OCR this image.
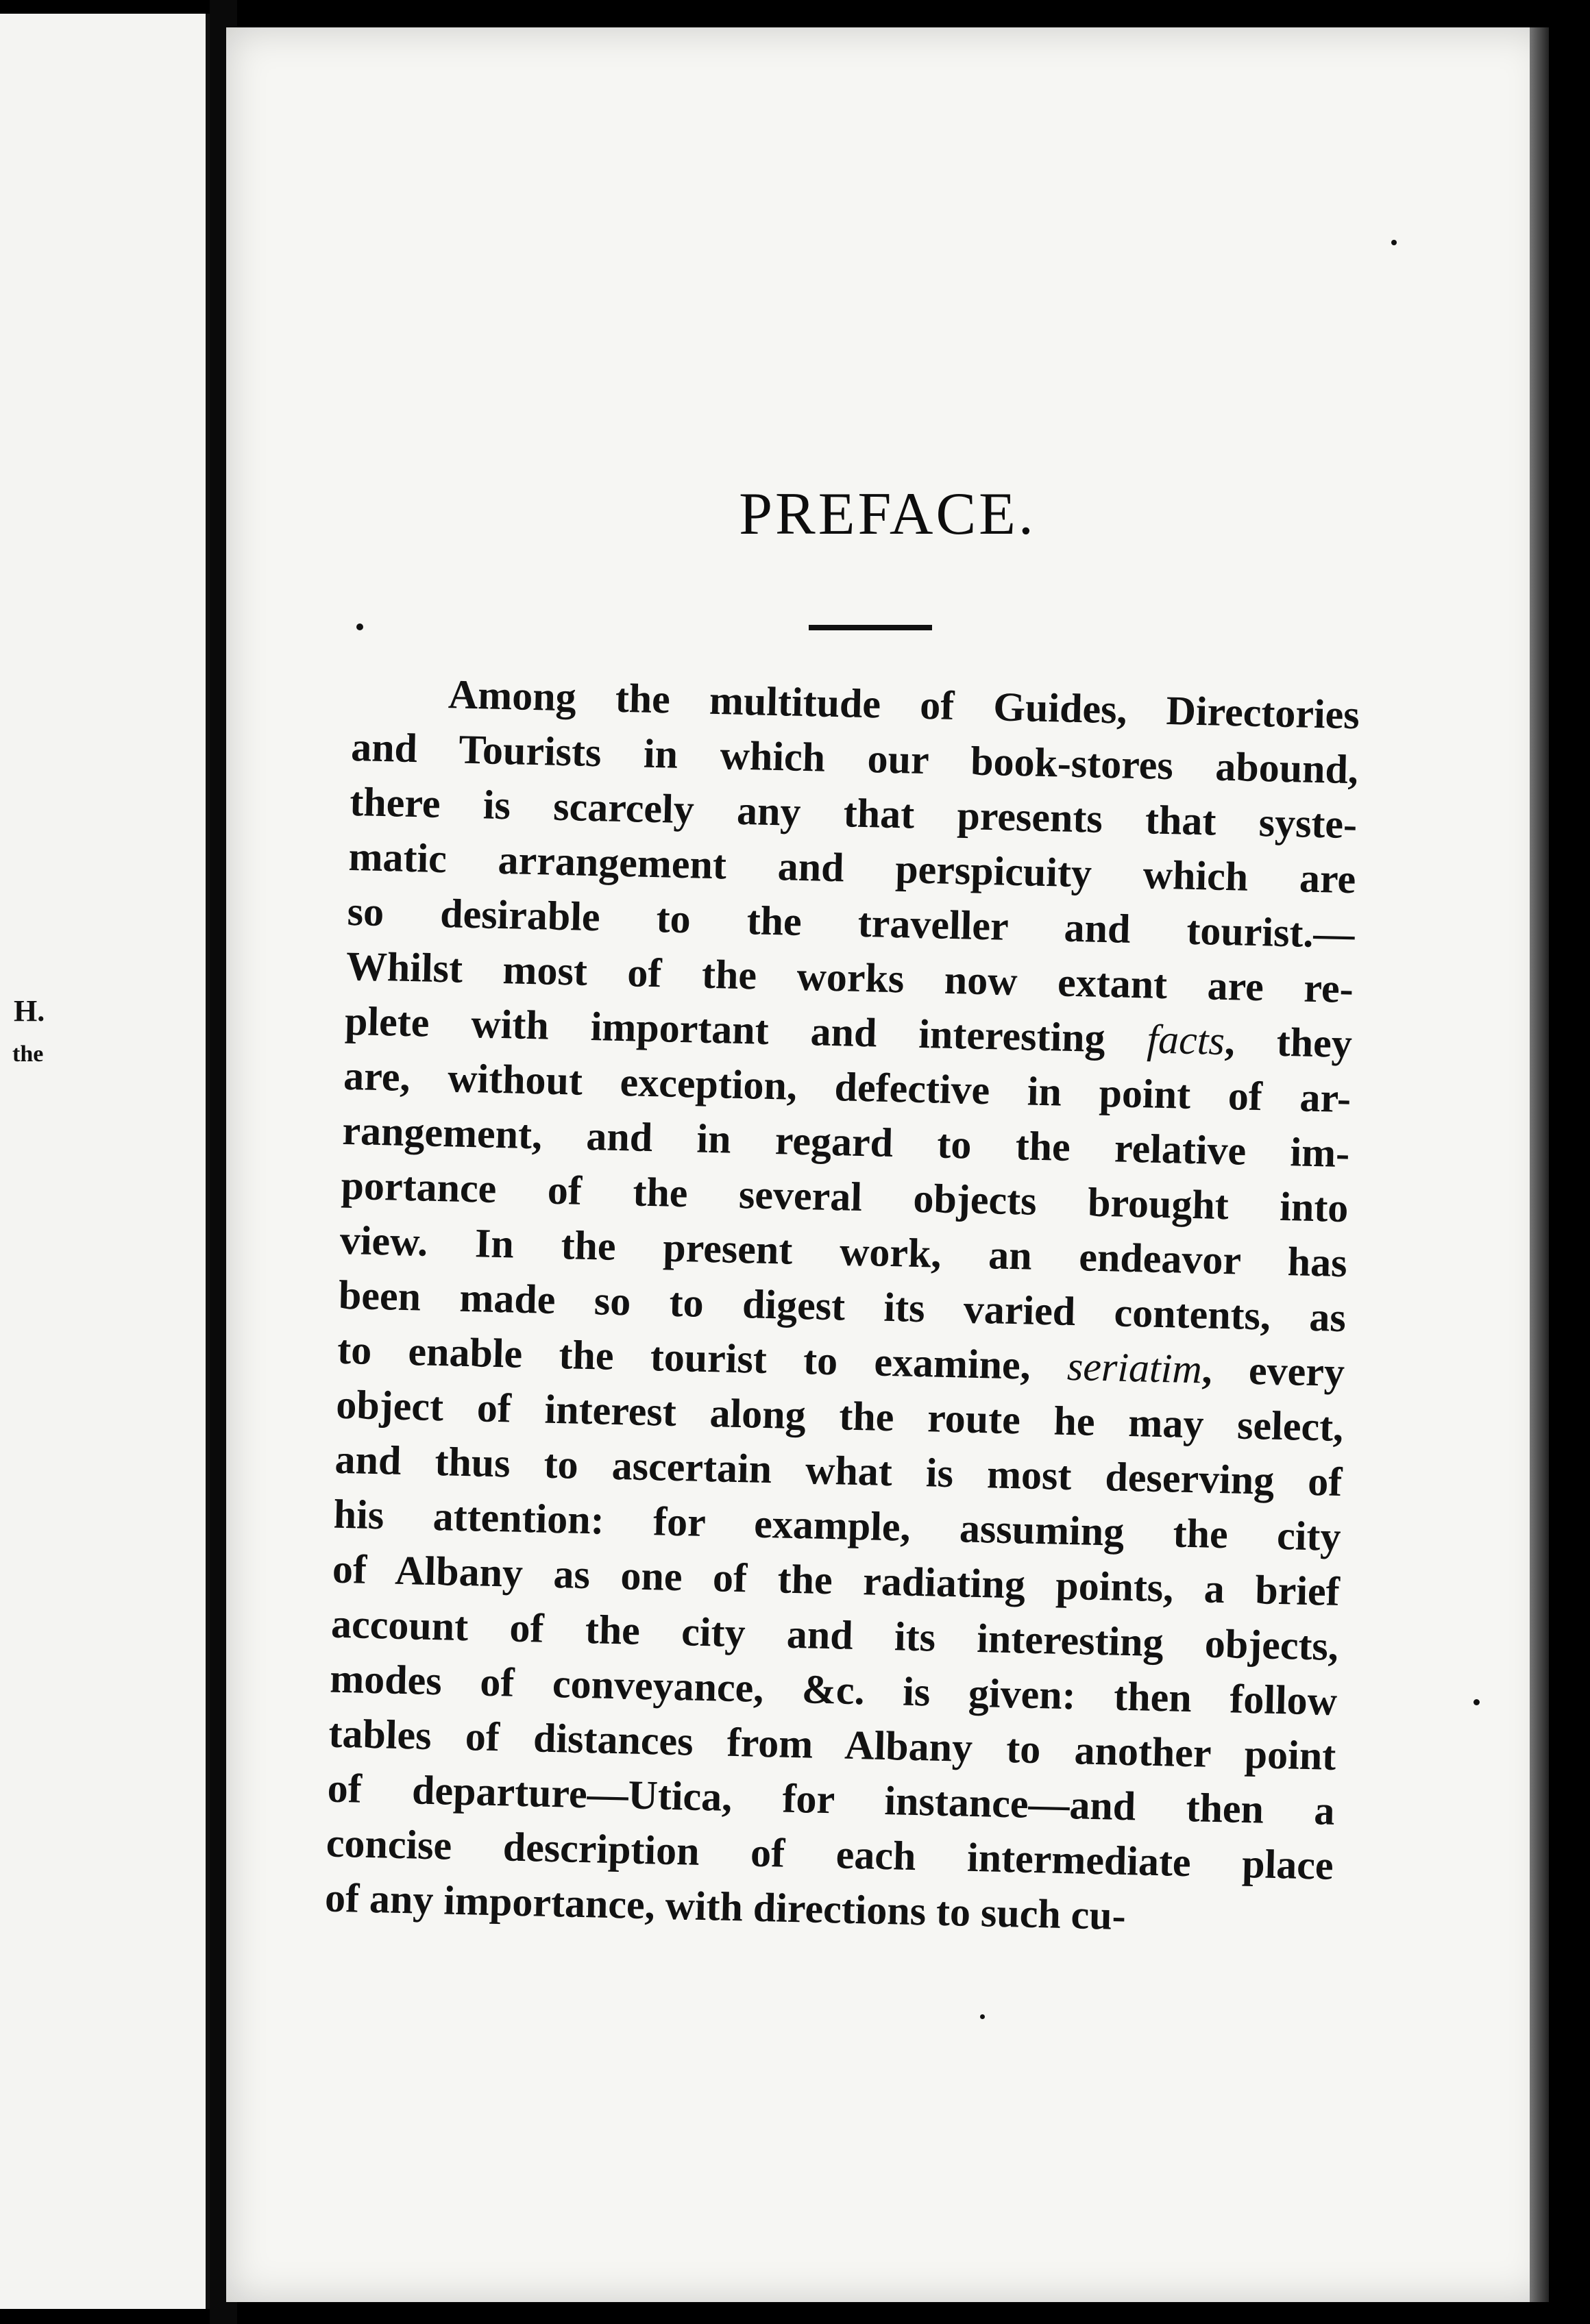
H.
the
PREFACE.
Among the multitude of Guides, Directories
and Tourists in which our book-stores abound,
there is scarcely any that presents that syste-
matic arrangement and perspicuity which are
so desirable to the traveller and tourist.—
Whilst most of the works now extant are re-
plete with important and interesting facts, they
are, without exception, defective in point of ar-
rangement, and in regard to the relative im-
portance of the several objects brought into
view. In the present work, an endeavor has
been made so to digest its varied contents, as
to enable the tourist to examine, seriatim, every
object of interest along the route he may select,
and thus to ascertain what is most deserving of
his attention: for example, assuming the city
of Albany as one of the radiating points, a brief
account of the city and its interesting objects,
modes of conveyance, &c. is given: then follow
tables of distances from Albany to another point
of departure—Utica, for instance—and then a
concise description of each intermediate place
of any importance, with directions to such cu-
